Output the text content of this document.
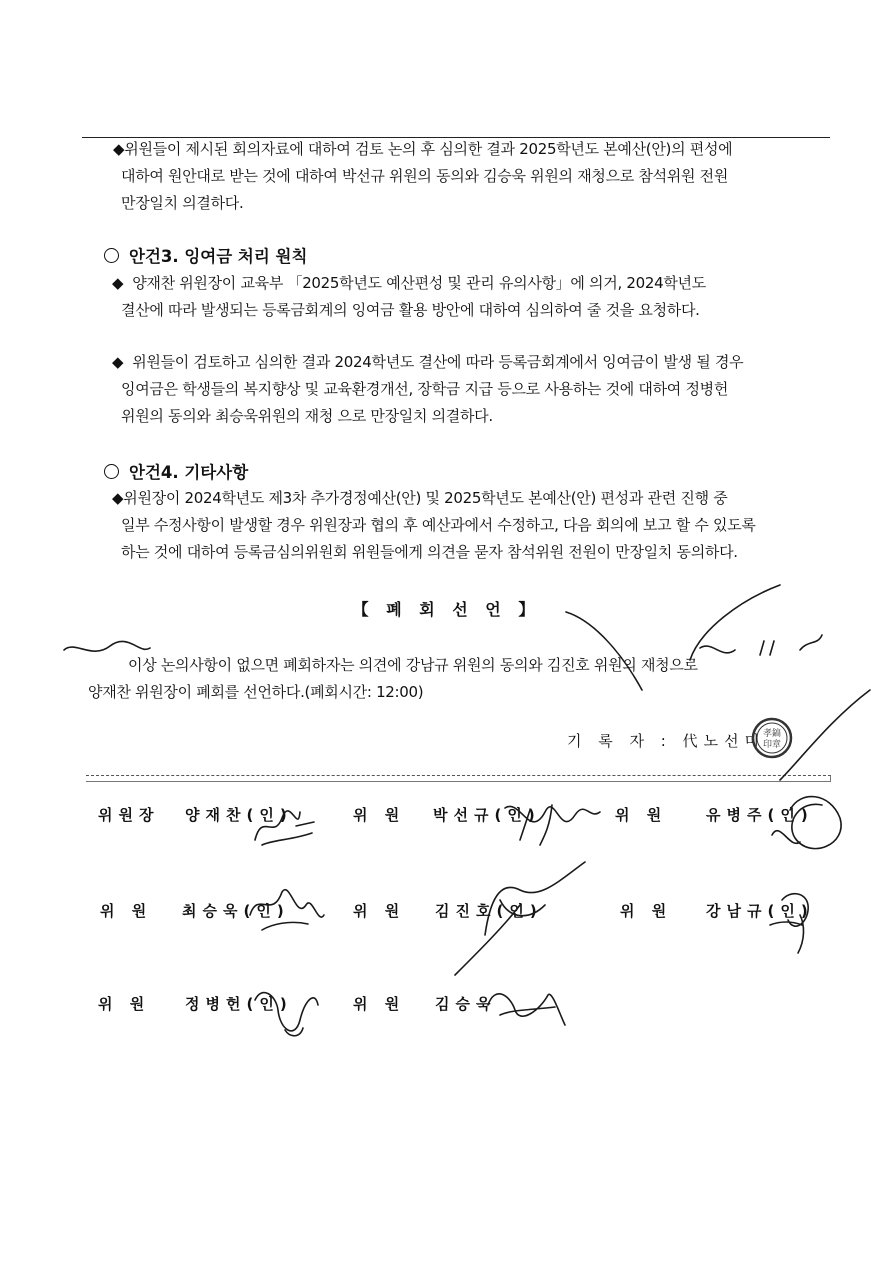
◆위원들이 제시된 회의자료에 대하여 검토 논의 후 심의한 결과 2025학년도 본예산(안)의 편성에
대하여 원안대로 받는 것에 대하여 박선규 위원의 동의와 김승욱 위원의 재청으로 참석위원 전원
만장일치 의결하다.
안건3. 잉여금 처리 원칙
◆ 양재찬 위원장이 교육부 「2025학년도 예산편성 및 관리 유의사항」에 의거, 2024학년도
결산에 따라 발생되는 등록금회계의 잉여금 활용 방안에 대하여 심의하여 줄 것을 요청하다.
◆ 위원들이 검토하고 심의한 결과 2024학년도 결산에 따라 등록금회계에서 잉여금이 발생 될 경우
잉여금은 학생들의 복지향상 및 교육환경개선, 장학금 지급 등으로 사용하는 것에 대하여 정병헌
위원의 동의와 최승욱위원의 재청 으로 만장일치 의결하다.
안건4. 기타사항
◆위원장이 2024학년도 제3차 추가경정예산(안) 및 2025학년도 본예산(안) 편성과 관련 진행 중
일부 수정사항이 발생할 경우 위원장과 협의 후 예산과에서 수정하고, 다음 회의에 보고 할 수 있도록
하는 것에 대하여 등록금심의위원회 위원들에게 의견을 묻자 참석위원 전원이 만장일치 동의하다.
【 폐 회 선 언 】
이상 논의사항이 없으면 폐회하자는 의견에 강남규 위원의 동의와 김진호 위원의 재청으로
양재찬 위원장이 폐회를 선언하다.(폐회시간: 12:00)
기 록 자 : 代노선미
孝鎬
印章
위원장 양재찬(인)	위 원 박선규(인)	위 원	유병주(인)
위 원 최승욱(인)	위 원 김진호(인)	위 원 강남규(인)
위 원 정병헌(인)	위 원 김승욱
